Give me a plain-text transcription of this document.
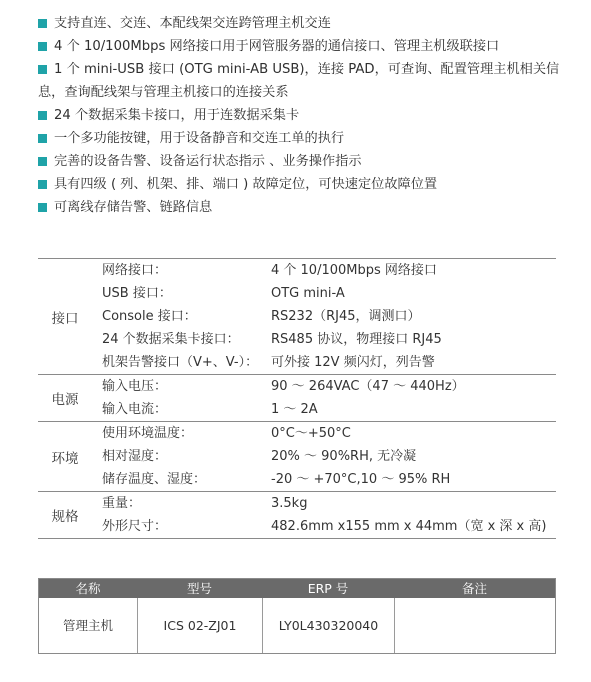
支持直连、交连、本配线架交连跨管理主机交连
4 个 10/100Mbps 网络接口用于网管服务器的通信接口、管理主机级联接口
1 个 mini-USB 接口 (OTG mini-AB USB)，连接 PAD，可查询、配置管理主机相关信息，查询配线架与管理主机接口的连接关系
24 个数据采集卡接口，用于连数据采集卡
一个多功能按键，用于设备静音和交连工单的执行
完善的设备告警、设备运行状态指示 、业务操作指示
具有四级 ( 列、机架、排、端口 ) 故障定位，可快速定位故障位置
可离线存储告警、链路信息
接口
网络接口：	4 个 10/100Mbps 网络接口
USB 接口：	OTG mini-A
Console 接口：	RS232（RJ45，调测口）
24 个数据采集卡接口： RS485 协议，物理接口 RJ45
机架告警接口（V+、V-）： 可外接 12V 频闪灯，列告警
电源
输入电压：	90 ～ 264VAC（47 ～ 440Hz）
输入电流：	1 ～ 2A
环境
使用环境温度：	0°C～+50°C
相对湿度：	20% ～ 90%RH, 无冷凝
储存温度、湿度：	-20 ～ +70°C,10 ～ 95% RH
规格
重量：	3.5kg
外形尺寸：	482.6mm x155 mm x 44mm（宽 x 深 x 高)
名称	型号	ERP 号	备注
管理主机	ICS 02-ZJ01	LY0L430320040
